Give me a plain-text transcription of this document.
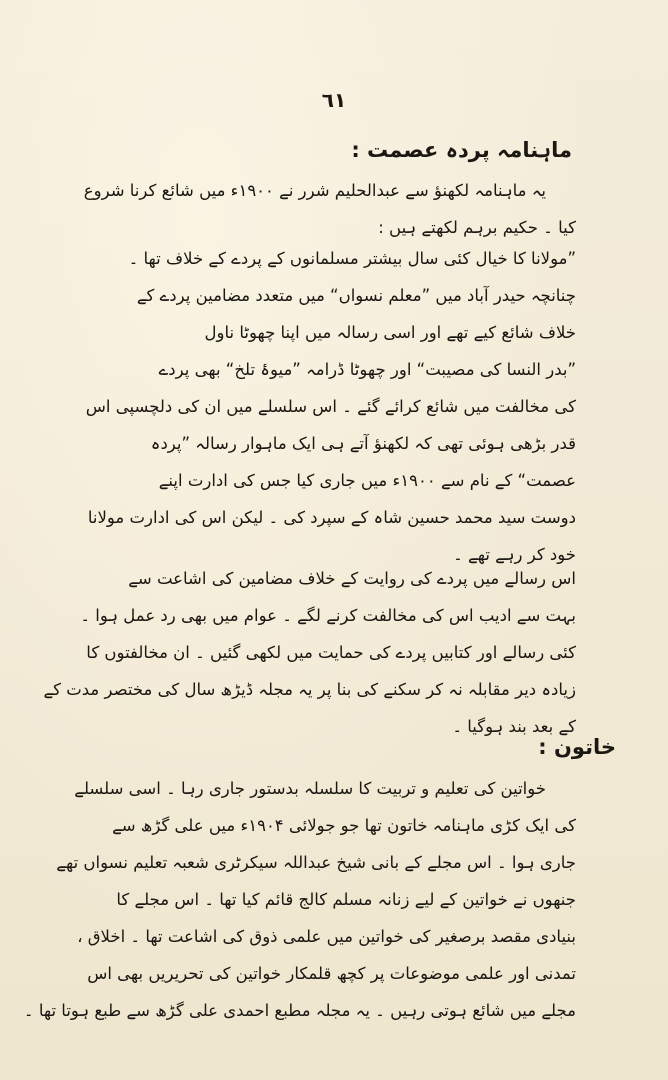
٦١
ماہنامہ پردہ عصمت :
یہ ماہنامہ لکھنؤ سے عبدالحلیم شرر نے ۱۹۰۰ء میں شائع کرنا شروع
کیا ۔ حکیم برہم لکھتے ہیں :
”مولانا کا خیال کئی سال بیشتر مسلمانوں کے پردے کے خلاف تھا ۔
چنانچہ حیدر آباد میں ”معلم نسواں“ میں متعدد مضامین پردے کے
خلاف شائع کیے تھے اور اسی رسالہ میں اپنا چھوٹا ناول
”بدر النسا کی مصیبت“ اور چھوٹا ڈرامہ ”میوۂ تلخ“ بھی پردے
کی مخالفت میں شائع کرائے گئے ۔ اس سلسلے میں ان کی دلچسپی اس
قدر بڑھی ہوئی تھی کہ لکھنؤ آتے ہی ایک ماہوار رسالہ ”پردہ
عصمت“ کے نام سے ۱۹۰۰ء میں جاری کیا جس کی ادارت اپنے
دوست سید محمد حسین شاہ کے سپرد کی ۔ لیکن اس کی ادارت مولانا
خود کر رہے تھے ۔
اس رسالے میں پردے کی روایت کے خلاف مضامین کی اشاعت سے
بہت سے ادیب اس کی مخالفت کرنے لگے ۔ عوام میں بھی رد عمل ہوا ۔
کئی رسالے اور کتابیں پردے کی حمایت میں لکھی گئیں ۔ ان مخالفتوں کا
زیادہ دیر مقابلہ نہ کر سکنے کی بنا پر یہ مجلہ ڈیڑھ سال کی مختصر مدت کے
کے بعد بند ہوگیا ۔
خاتون :
خواتین کی تعلیم و تربیت کا سلسلہ بدستور جاری رہا ۔ اسی سلسلے
کی ایک کڑی ماہنامہ خاتون تھا جو جولائی ۱۹۰۴ء میں علی گڑھ سے
جاری ہوا ۔ اس مجلے کے بانی شیخ عبداللہ سیکرٹری شعبہ تعلیم نسواں تھے
جنھوں نے خواتین کے لیے زنانہ مسلم کالج قائم کیا تھا ۔ اس مجلے کا
بنیادی مقصد برصغیر کی خواتین میں علمی ذوق کی اشاعت تھا ۔ اخلاق ،
تمدنی اور علمی موضوعات پر کچھ قلمکار خواتین کی تحریریں بھی اس
مجلے میں شائع ہوتی رہیں ۔ یہ مجلہ مطبع احمدی علی گڑھ سے طبع ہوتا تھا ۔
